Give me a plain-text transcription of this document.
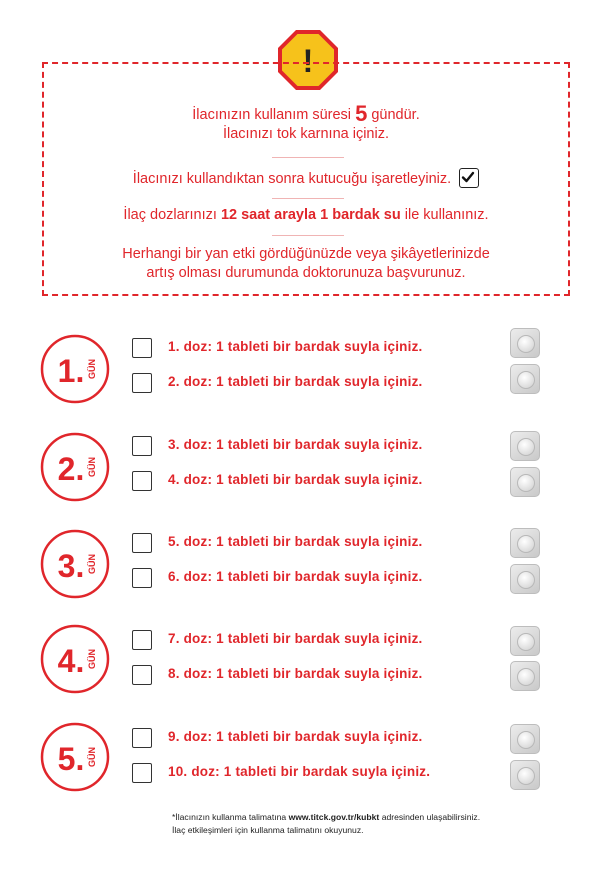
!
İlacınızın kullanım süresi 5 gündür.
İlacınızı tok karnına içiniz.
İlacınızı kullandıktan sonra kutucuğu işaretleyiniz.
İlaç dozlarınızı 12 saat arayla 1 bardak su ile kullanınız.
Herhangi bir yan etki gördüğünüzde veya şikâyetlerinizde
artış olması durumunda doktorunuza başvurunuz.
1. GÜN
2. GÜN
3. GÜN
4. GÜN
5. GÜN
1. doz: 1 tableti bir bardak suyla içiniz.
2. doz: 1 tableti bir bardak suyla içiniz.
3. doz: 1 tableti bir bardak suyla içiniz.
4. doz: 1 tableti bir bardak suyla içiniz.
5. doz: 1 tableti bir bardak suyla içiniz.
6. doz: 1 tableti bir bardak suyla içiniz.
7. doz: 1 tableti bir bardak suyla içiniz.
8. doz: 1 tableti bir bardak suyla içiniz.
9. doz: 1 tableti bir bardak suyla içiniz.
10. doz: 1 tableti bir bardak suyla içiniz.
*İlacınızın kullanma talimatına www.titck.gov.tr/kubkt adresinden ulaşabilirsiniz.
İlaç etkileşimleri için kullanma talimatını okuyunuz.
